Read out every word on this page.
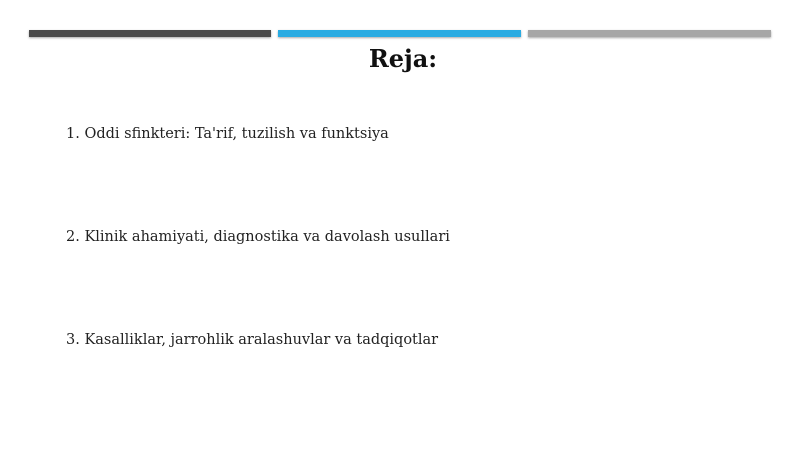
Reja:
1. Oddi sfinkteri: Ta'rif, tuzilish va funktsiya
2. Klinik ahamiyati, diagnostika va davolash usullari
3. Kasalliklar, jarrohlik aralashuvlar va tadqiqotlar
